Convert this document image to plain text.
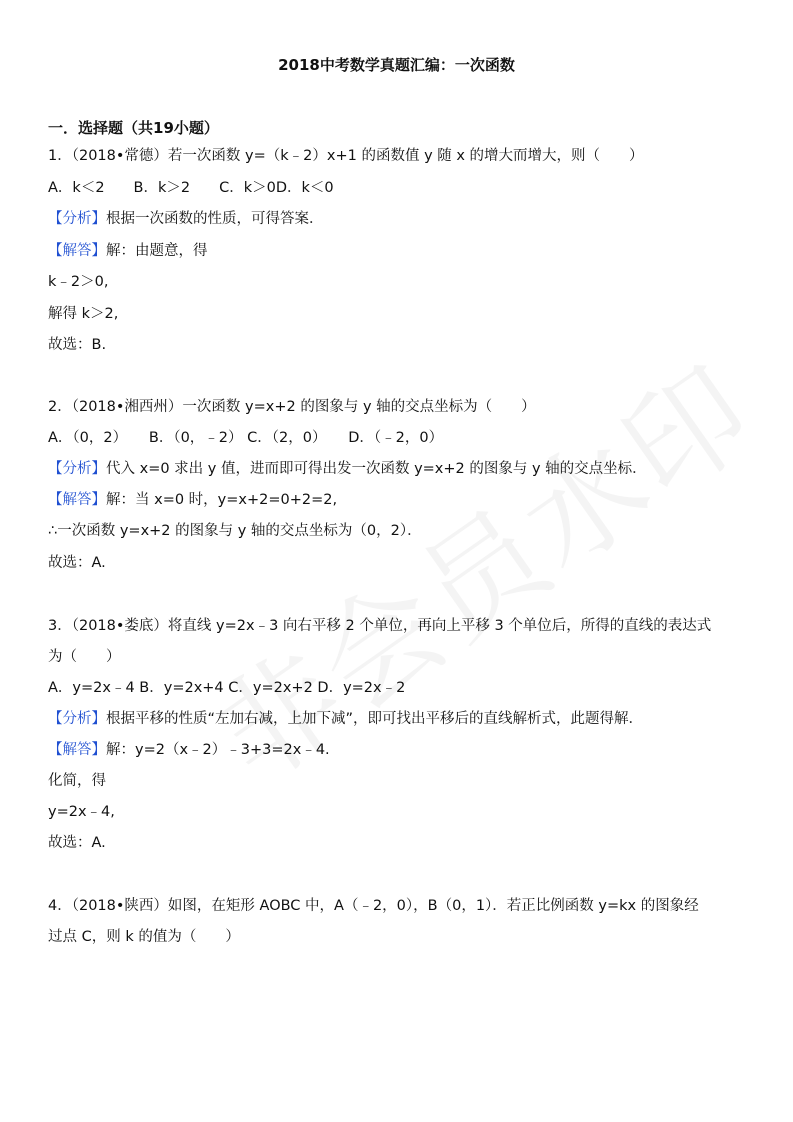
2018中考数学真题汇编：一次函数
一．选择题（共19小题）
1．（2018•常德）若一次函数 y=（k﹣2）x+1 的函数值 y 随 x 的增大而增大，则（　　）
A．k＜2　　B．k＞2　　C．k＞0D．k＜0
【分析】根据一次函数的性质，可得答案．
【解答】解：由题意，得
k﹣2＞0,
解得 k＞2,
故选：B.
2．（2018•湘西州）一次函数 y=x+2 的图象与 y 轴的交点坐标为（　　）
A．（0，2）　　B．（0，﹣2） C．（2，0）　　D．（﹣2，0）
【分析】代入 x=0 求出 y 值，进而即可得出发一次函数 y=x+2 的图象与 y 轴的交点坐标．
【解答】解：当 x=0 时，y=x+2=0+2=2,
∴一次函数 y=x+2 的图象与 y 轴的交点坐标为（0，2）．
故选：A.
3．（2018•娄底）将直线 y=2x﹣3 向右平移 2 个单位，再向上平移 3 个单位后，所得的直线的表达式
为（　　）
A．y=2x﹣4 B．y=2x+4 C．y=2x+2 D．y=2x﹣2
【分析】根据平移的性质“左加右减，上加下减”，即可找出平移后的直线解析式，此题得解．
【解答】解：y=2（x﹣2）﹣3+3=2x﹣4.
化简，得
y=2x﹣4,
故选：A.
4．（2018•陕西）如图，在矩形 AOBC 中，A（﹣2，0），B（0，1）．若正比例函数 y=kx 的图象经
过点 C，则 k 的值为（　　）
